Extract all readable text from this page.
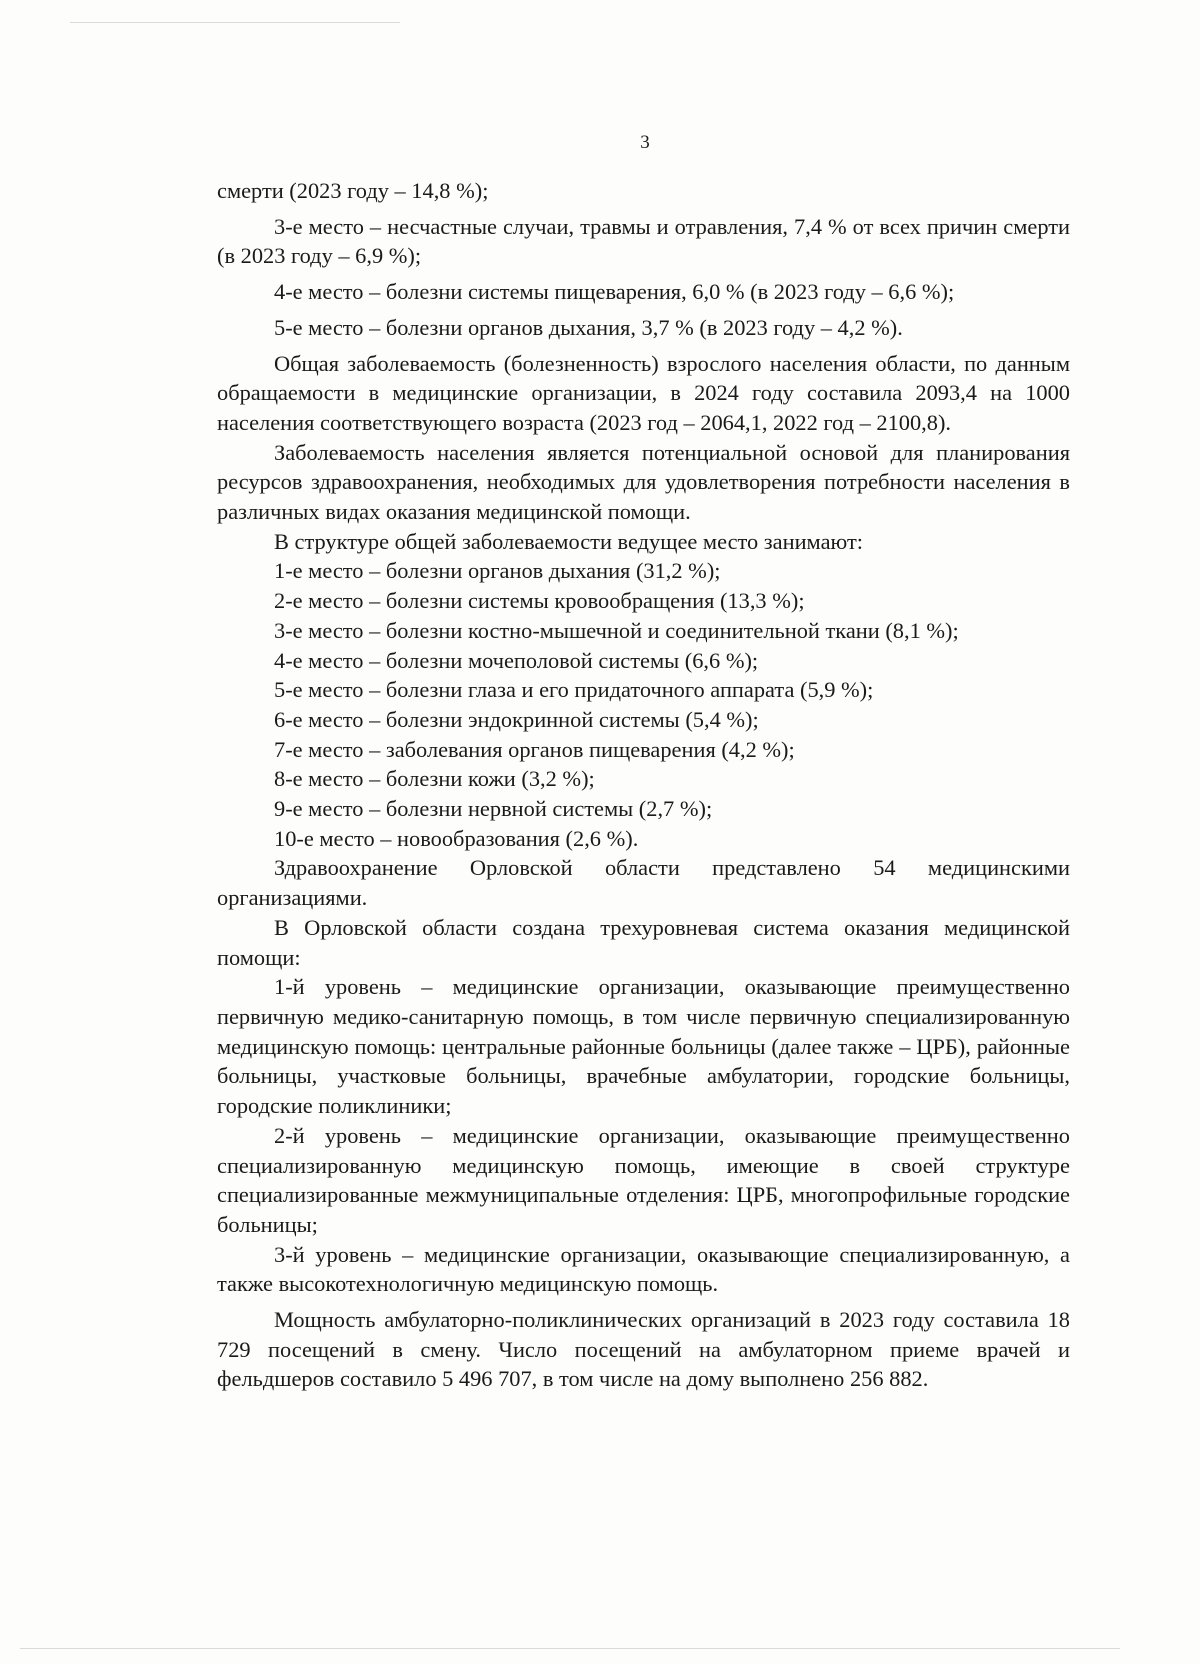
3

смерти (2023 году – 14,8 %);

3-е место – несчастные случаи, травмы и отравления, 7,4 % от всех причин смерти (в 2023 году – 6,9 %);

4-е место – болезни системы пищеварения, 6,0 % (в 2023 году – 6,6 %);

5-е место – болезни органов дыхания, 3,7 % (в 2023 году – 4,2 %).

Общая заболеваемость (болезненность) взрослого населения области, по данным обращаемости в медицинские организации, в 2024 году составила 2093,4 на 1000 населения соответствующего возраста (2023 год – 2064,1, 2022 год – 2100,8).

Заболеваемость населения является потенциальной основой для планирования ресурсов здравоохранения, необходимых для удовлетворения потребности населения в различных видах оказания медицинской помощи.

В структуре общей заболеваемости ведущее место занимают:

1-е место – болезни органов дыхания (31,2 %);

2-е место – болезни системы кровообращения (13,3 %);

3-е место – болезни костно-мышечной и соединительной ткани (8,1 %);

4-е место – болезни мочеполовой системы (6,6 %);

5-е место – болезни глаза и его придаточного аппарата (5,9 %);

6-е место – болезни эндокринной системы (5,4 %);

7-е место – заболевания органов пищеварения (4,2 %);

8-е место – болезни кожи (3,2 %);

9-е место – болезни нервной системы (2,7 %);

10-е место – новообразования (2,6 %).

Здравоохранение Орловской области представлено 54 медицинскими организациями.

В Орловской области создана трехуровневая система оказания медицинской помощи:

1-й уровень – медицинские организации, оказывающие преимущественно первичную медико-санитарную помощь, в том числе первичную специализированную медицинскую помощь: центральные районные больницы (далее также – ЦРБ), районные больницы, участковые больницы, врачебные амбулатории, городские больницы, городские поликлиники;

2-й уровень – медицинские организации, оказывающие преимущественно специализированную медицинскую помощь, имеющие в своей структуре специализированные межмуниципальные отделения: ЦРБ, многопрофильные городские больницы;

3-й уровень – медицинские организации, оказывающие специализированную, а также высокотехнологичную медицинскую помощь.

Мощность амбулаторно-поликлинических организаций в 2023 году составила 18 729 посещений в смену. Число посещений на амбулаторном приеме врачей и фельдшеров составило 5 496 707, в том числе на дому выполнено 256 882.
